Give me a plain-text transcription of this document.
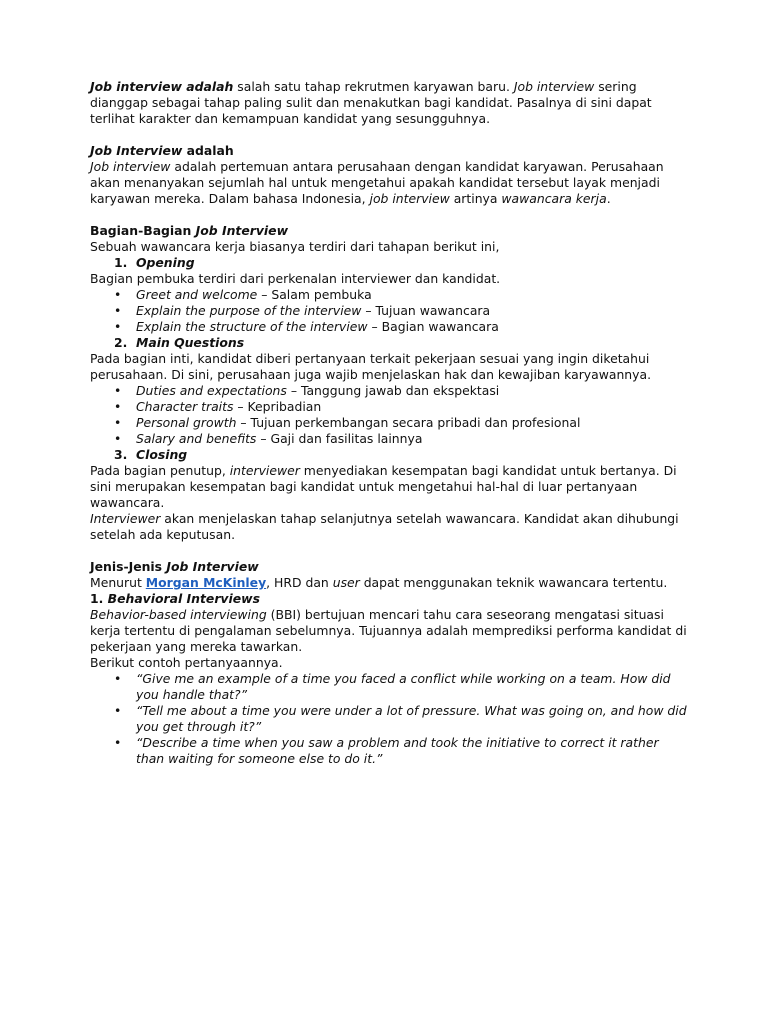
Job interview adalah salah satu tahap rekrutmen karyawan baru. Job interview sering dianggap sebagai tahap paling sulit dan menakutkan bagi kandidat. Pasalnya di sini dapat terlihat karakter dan kemampuan kandidat yang sesungguhnya.

Job Interview adalah

Job interview adalah pertemuan antara perusahaan dengan kandidat karyawan. Perusahaan akan menanyakan sejumlah hal untuk mengetahui apakah kandidat tersebut layak menjadi karyawan mereka. Dalam bahasa Indonesia, job interview artinya wawancara kerja.

Bagian-Bagian Job Interview

Sebuah wawancara kerja biasanya terdiri dari tahapan berikut ini,

1. Opening

Bagian pembuka terdiri dari perkenalan interviewer dan kandidat.

• Greet and welcome – Salam pembuka
• Explain the purpose of the interview – Tujuan wawancara
• Explain the structure of the interview – Bagian wawancara
2. Main Questions

Pada bagian inti, kandidat diberi pertanyaan terkait pekerjaan sesuai yang ingin diketahui perusahaan. Di sini, perusahaan juga wajib menjelaskan hak dan kewajiban karyawannya.

• Duties and expectations – Tanggung jawab dan ekspektasi
• Character traits – Kepribadian
• Personal growth – Tujuan perkembangan secara pribadi dan profesional
• Salary and benefits – Gaji dan fasilitas lainnya
3. Closing

Pada bagian penutup, interviewer menyediakan kesempatan bagi kandidat untuk bertanya. Di sini merupakan kesempatan bagi kandidat untuk mengetahui hal-hal di luar pertanyaan wawancara.

Interviewer akan menjelaskan tahap selanjutnya setelah wawancara. Kandidat akan dihubungi setelah ada keputusan.

Jenis-Jenis Job Interview

Menurut Morgan McKinley, HRD dan user dapat menggunakan teknik wawancara tertentu.

1. Behavioral Interviews

Behavior-based interviewing (BBI) bertujuan mencari tahu cara seseorang mengatasi situasi kerja tertentu di pengalaman sebelumnya. Tujuannya adalah memprediksi performa kandidat di pekerjaan yang mereka tawarkan.

Berikut contoh pertanyaannya.

• “Give me an example of a time you faced a conflict while working on a team. How did you handle that?”
• “Tell me about a time you were under a lot of pressure. What was going on, and how did you get through it?”
• “Describe a time when you saw a problem and took the initiative to correct it rather than waiting for someone else to do it.”
